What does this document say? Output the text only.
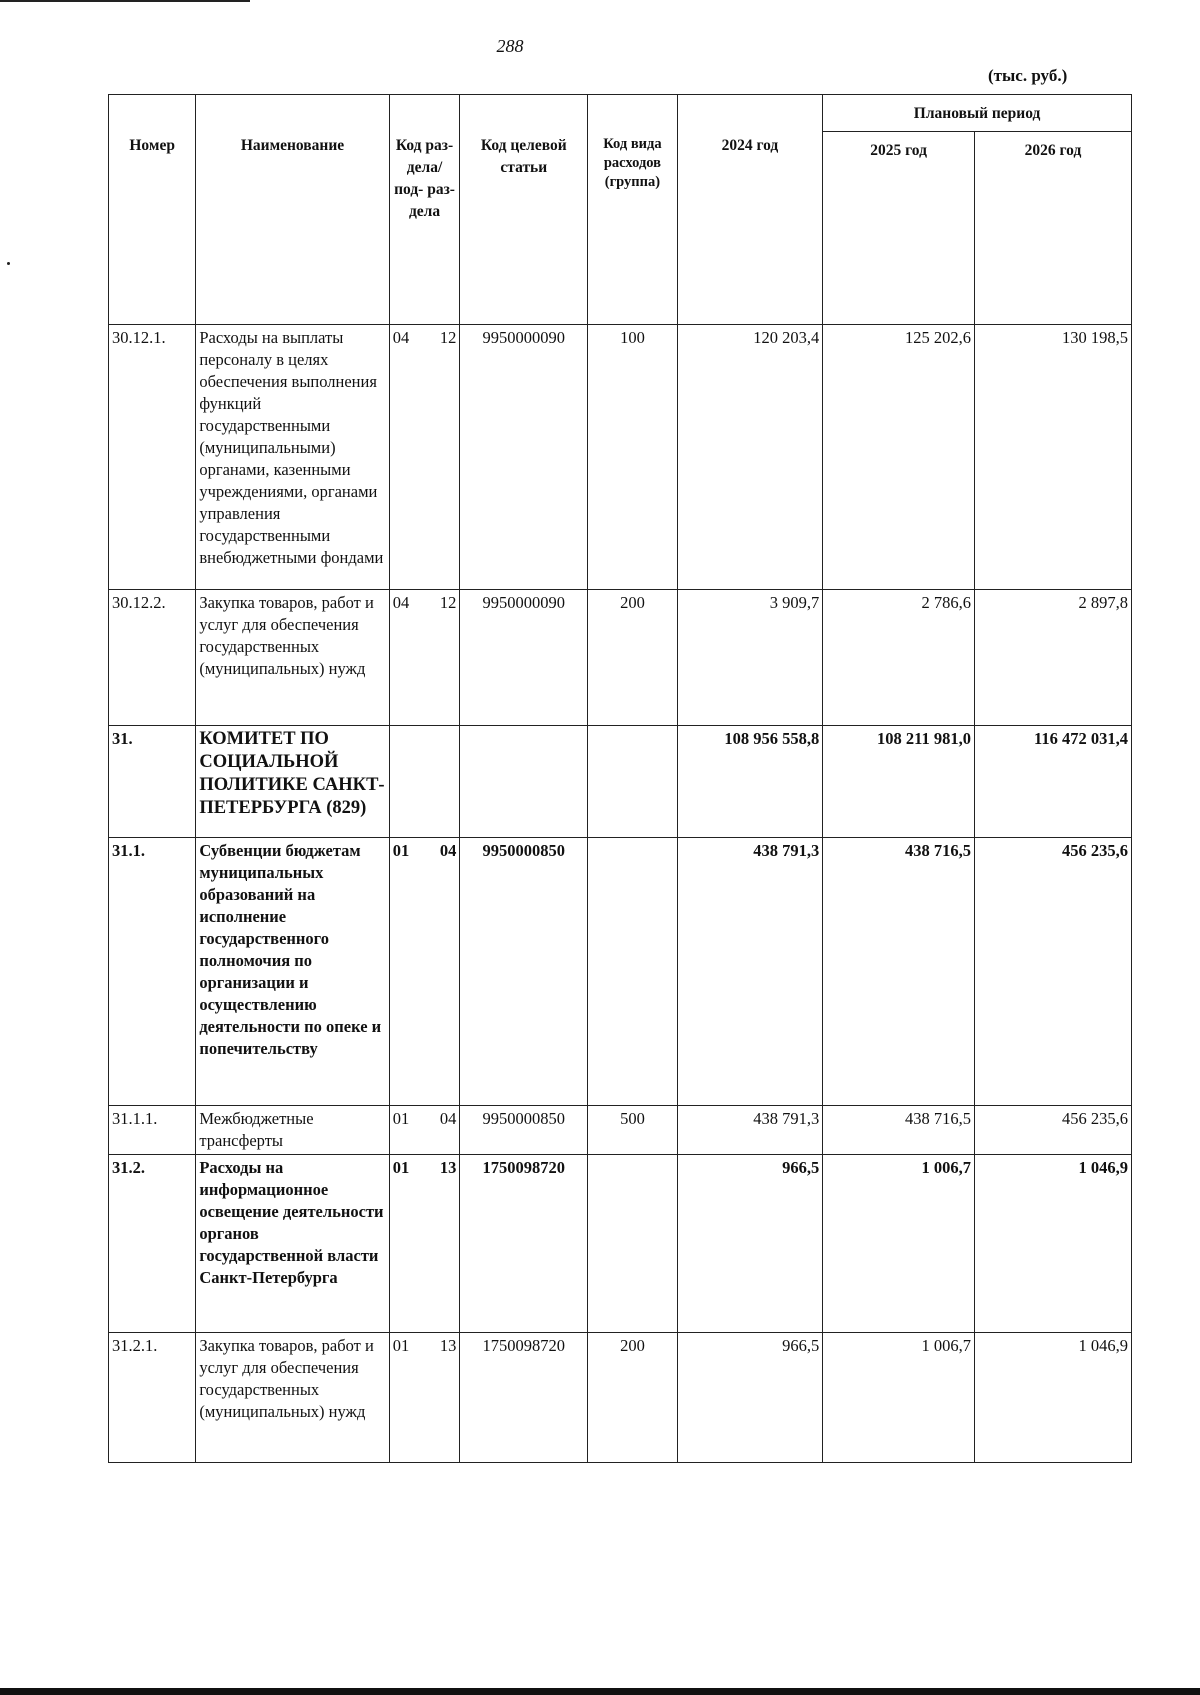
288
(тыс. руб.)
Номер	Наименование	Код раз- дела/ под- раз- дела	Код целевой статьи	Код вида расходов (группа)	2024 год	Плановый период	
						2025 год	2026 год
30.12.1.	Расходы на выплаты персоналу в целях обеспечения выполнения функций государственными (муниципальными) органами, казенными учреждениями, органами управления государственными внебюджетными фондами	04 12	9950000090	100	120 203,4	125 202,6	130 198,5
30.12.2.	Закупка товаров, работ и услуг для обеспечения государственных (муниципальных) нужд	04 12	9950000090	200	3 909,7	2 786,6	2 897,8
31.	КОМИТЕТ ПО СОЦИАЛЬНОЙ ПОЛИТИКЕ САНКТ-ПЕТЕРБУРГА (829)				108 956 558,8	108 211 981,0	116 472 031,4
31.1.	Субвенции бюджетам муниципальных образований на исполнение государственного полномочия по организации и осуществлению деятельности по опеке и попечительству	01 04	9950000850		438 791,3	438 716,5	456 235,6
31.1.1.	Межбюджетные трансферты	01 04	9950000850	500	438 791,3	438 716,5	456 235,6
31.2.	Расходы на информационное освещение деятельности органов государственной власти Санкт-Петербурга	01 13	1750098720		966,5	1 006,7	1 046,9
31.2.1.	Закупка товаров, работ и услуг для обеспечения государственных (муниципальных) нужд	01 13	1750098720	200	966,5	1 006,7	1 046,9
